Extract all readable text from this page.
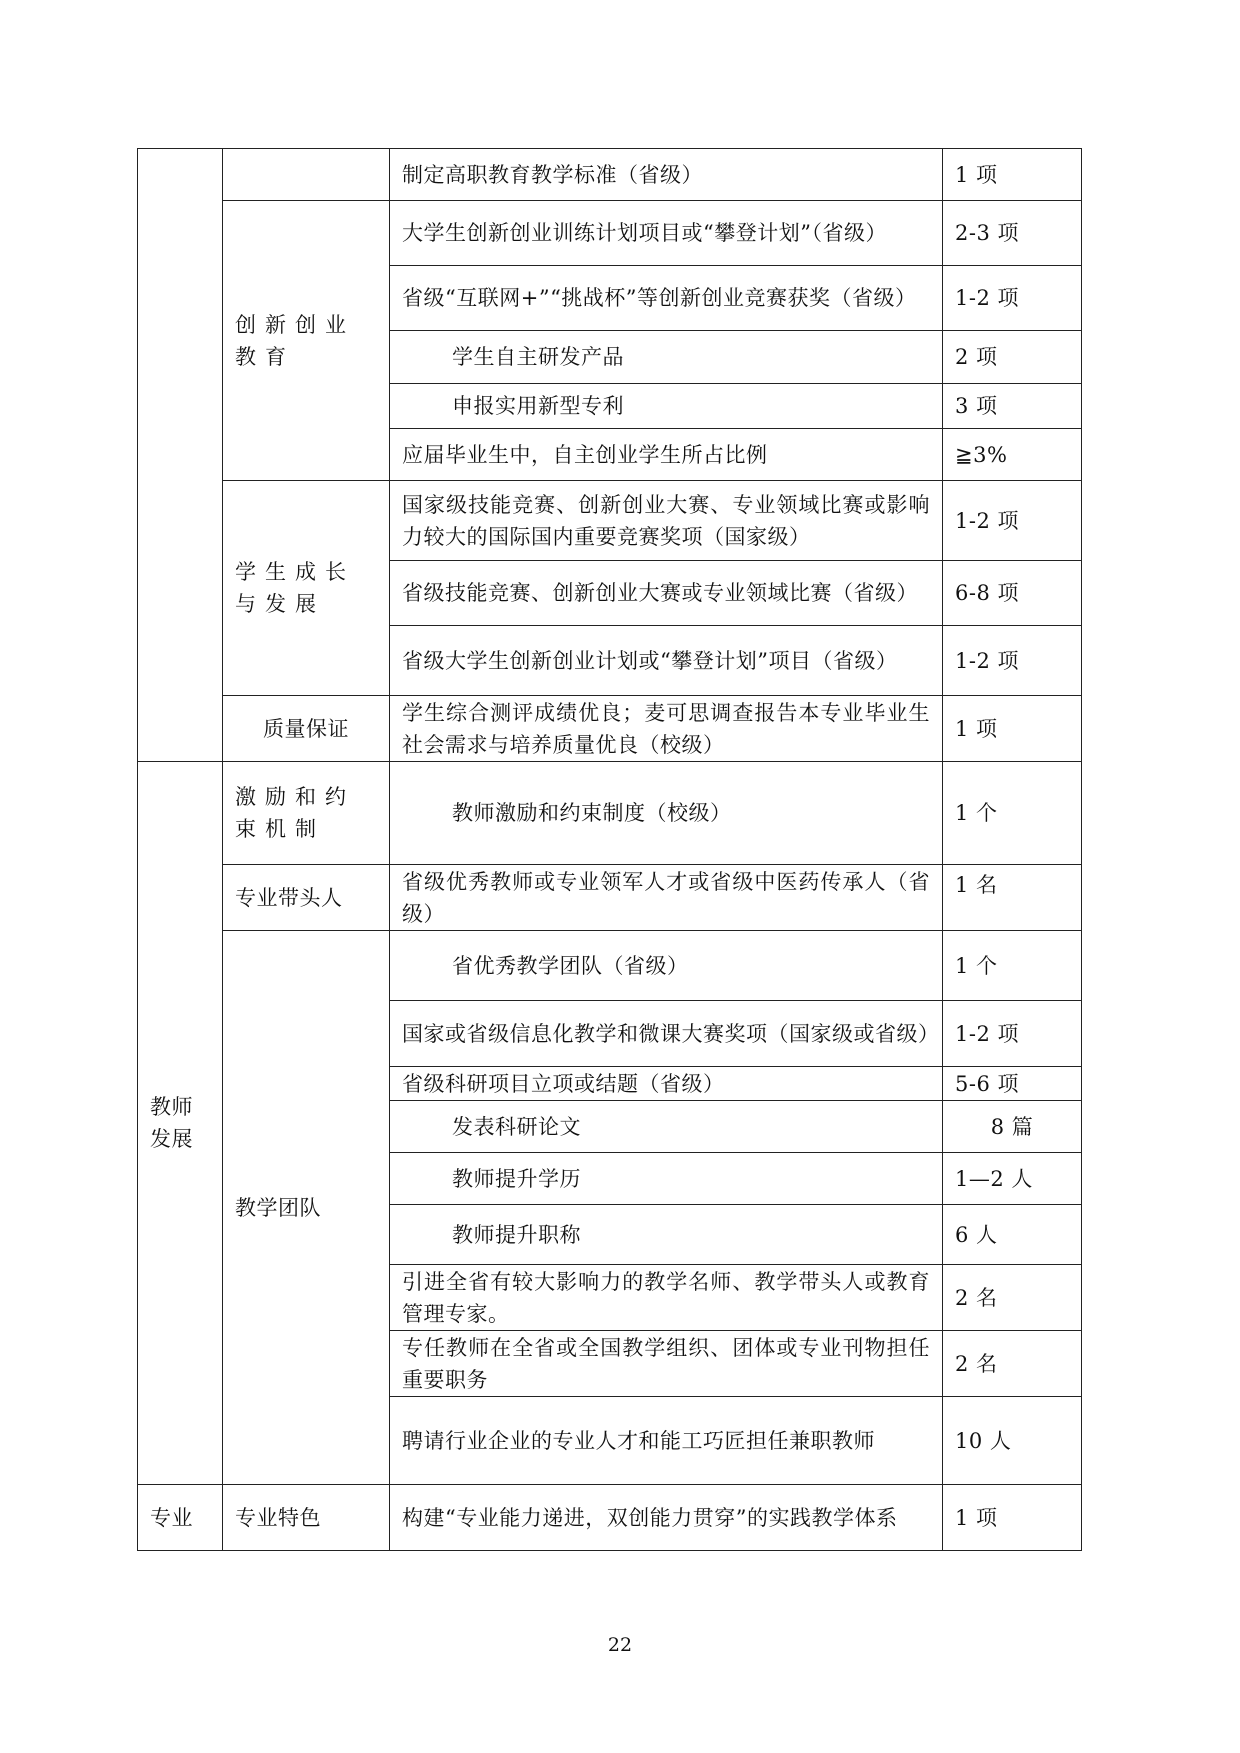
		制定高职教育教学标准（省级）	1 项
	创新创业教育	大学生创新创业训练计划项目或“攀登计划”（省级）	2-3 项
		省级“互联网+”“挑战杯”等创新创业竞赛获奖（省级）	1-2 项
		学生自主研发产品	2 项
		申报实用新型专利	3 项
		应届毕业生中，自主创业学生所占比例	≧3%
	学生成长与发展	国家级技能竞赛、创新创业大赛、专业领域比赛或影响力较大的国际国内重要竞赛奖项（国家级）	1-2 项
		省级技能竞赛、创新创业大赛或专业领域比赛（省级）	6-8 项
		省级大学生创新创业计划或“攀登计划”项目（省级）	1-2 项
	质量保证	学生综合测评成绩优良；麦可思调查报告本专业毕业生社会需求与培养质量优良（校级）	1 项
教师发展	激励和约束机制	教师激励和约束制度（校级）	1 个
	专业带头人	省级优秀教师或专业领军人才或省级中医药传承人（省级）	1 名
	教学团队	省优秀教学团队（省级）	1 个
		国家或省级信息化教学和微课大赛奖项（国家级或省级）	1-2 项
		省级科研项目立项或结题（省级）	5-6 项
		发表科研论文	8 篇
		教师提升学历	1—2 人
		教师提升职称	6 人
		引进全省有较大影响力的教学名师、教学带头人或教育管理专家。	2 名
		专任教师在全省或全国教学组织、团体或专业刊物担任重要职务	2 名
		聘请行业企业的专业人才和能工巧匠担任兼职教师	10 人
专业	专业特色	构建“专业能力递进，双创能力贯穿”的实践教学体系	1 项
22
